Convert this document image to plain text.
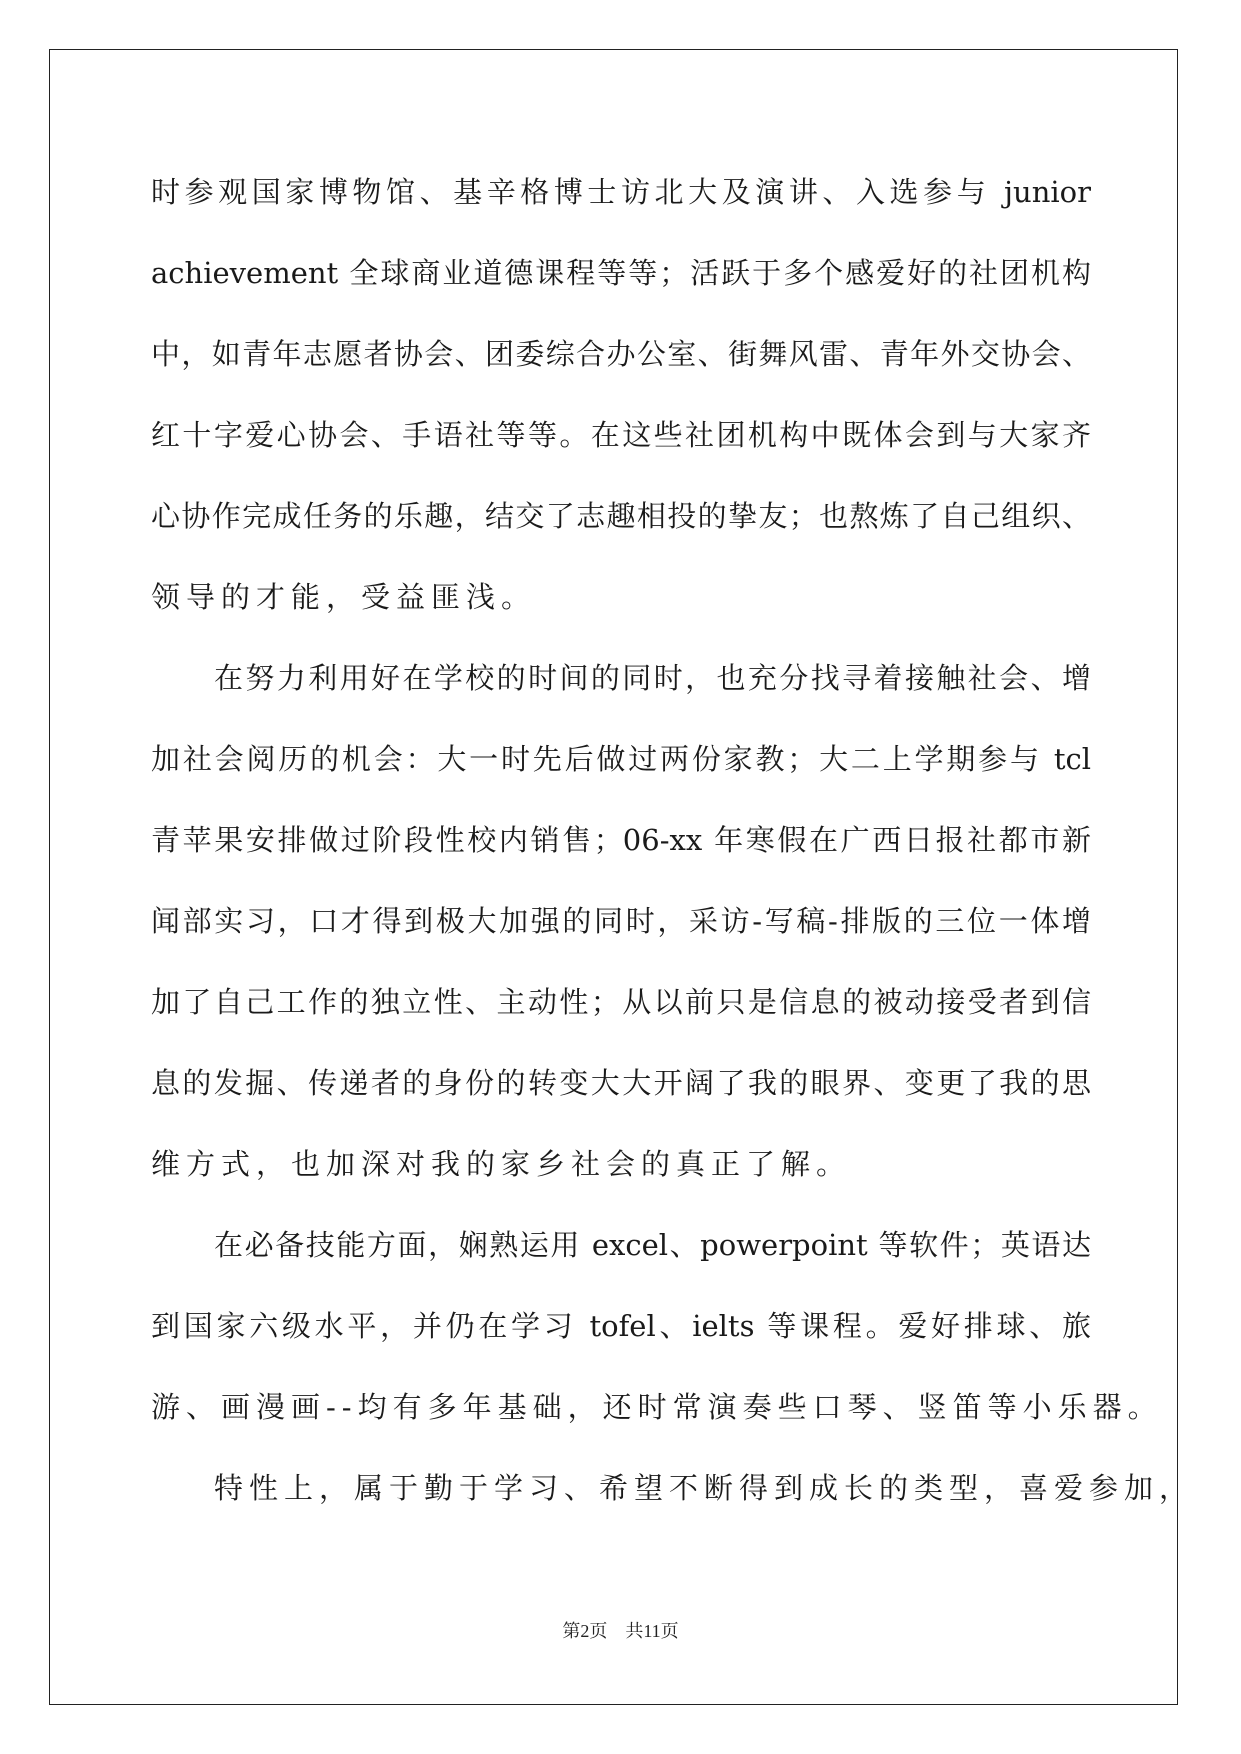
时参观国家博物馆、基辛格博士访北大及演讲、入选参与 junior
achievement 全球商业道德课程等等；活跃于多个感爱好的社团机构
中，如青年志愿者协会、团委综合办公室、街舞风雷、青年外交协会、
红十字爱心协会、手语社等等。在这些社团机构中既体会到与大家齐
心协作完成任务的乐趣，结交了志趣相投的挚友；也熬炼了自己组织、
领导的才能，受益匪浅。
在努力利用好在学校的时间的同时，也充分找寻着接触社会、增
加社会阅历的机会：大一时先后做过两份家教；大二上学期参与 tcl
青苹果安排做过阶段性校内销售；06-xx 年寒假在广西日报社都市新
闻部实习，口才得到极大加强的同时，采访-写稿-排版的三位一体增
加了自己工作的独立性、主动性；从以前只是信息的被动接受者到信
息的发掘、传递者的身份的转变大大开阔了我的眼界、变更了我的思
维方式，也加深对我的家乡社会的真正了解。
在必备技能方面，娴熟运用 excel、powerpoint 等软件；英语达
到国家六级水平，并仍在学习 tofel、ielts 等课程。爱好排球、旅
游、画漫画--均有多年基础，还时常演奏些口琴、竖笛等小乐器。
特性上，属于勤于学习、希望不断得到成长的类型，喜爱参加，
第2页 共11页
